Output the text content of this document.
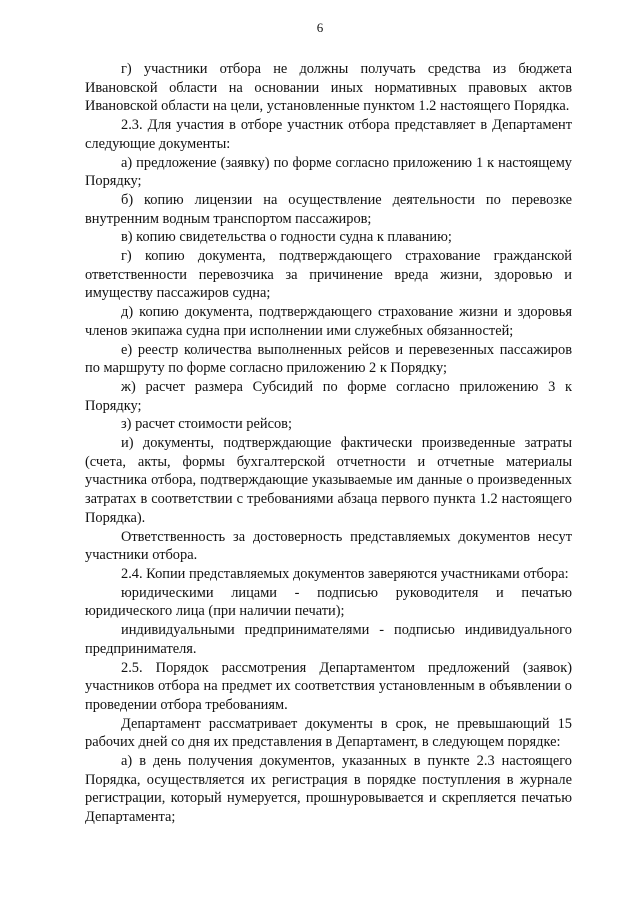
6

г) участники отбора не должны получать средства из бюджета Ивановской области на основании иных нормативных правовых актов Ивановской области на цели, установленные пунктом 1.2 настоящего Порядка.

2.3. Для участия в отборе участник отбора представляет в Департамент следующие документы:

а) предложение (заявку) по форме согласно приложению 1 к настоящему Порядку;

б) копию лицензии на осуществление деятельности по перевозке внутренним водным транспортом пассажиров;

в) копию свидетельства о годности судна к плаванию;

г) копию документа, подтверждающего страхование гражданской ответственности перевозчика за причинение вреда жизни, здоровью и имуществу пассажиров судна;

д) копию документа, подтверждающего страхование жизни и здоровья членов экипажа судна при исполнении ими служебных обязанностей;

е) реестр количества выполненных рейсов и перевезенных пассажиров по маршруту по форме согласно приложению 2 к Порядку;

ж) расчет размера Субсидий по форме согласно приложению 3 к Порядку;

з) расчет стоимости рейсов;

и) документы, подтверждающие фактически произведенные затраты (счета, акты, формы бухгалтерской отчетности и отчетные материалы участника отбора, подтверждающие указываемые им данные о произведенных затратах в соответствии с требованиями абзаца первого пункта 1.2 настоящего Порядка).

Ответственность за достоверность представляемых документов несут участники отбора.

2.4. Копии представляемых документов заверяются участниками отбора:

юридическими лицами - подписью руководителя и печатью юридического лица (при наличии печати);

индивидуальными предпринимателями - подписью индивидуального предпринимателя.

2.5. Порядок рассмотрения Департаментом предложений (заявок) участников отбора на предмет их соответствия установленным в объявлении о проведении отбора требованиям.

Департамент рассматривает документы в срок, не превышающий 15 рабочих дней со дня их представления в Департамент, в следующем порядке:

а) в день получения документов, указанных в пункте 2.3 настоящего Порядка, осуществляется их регистрация в порядке поступления в журнале регистрации, который нумеруется, прошнуровывается и скрепляется печатью Департамента;
